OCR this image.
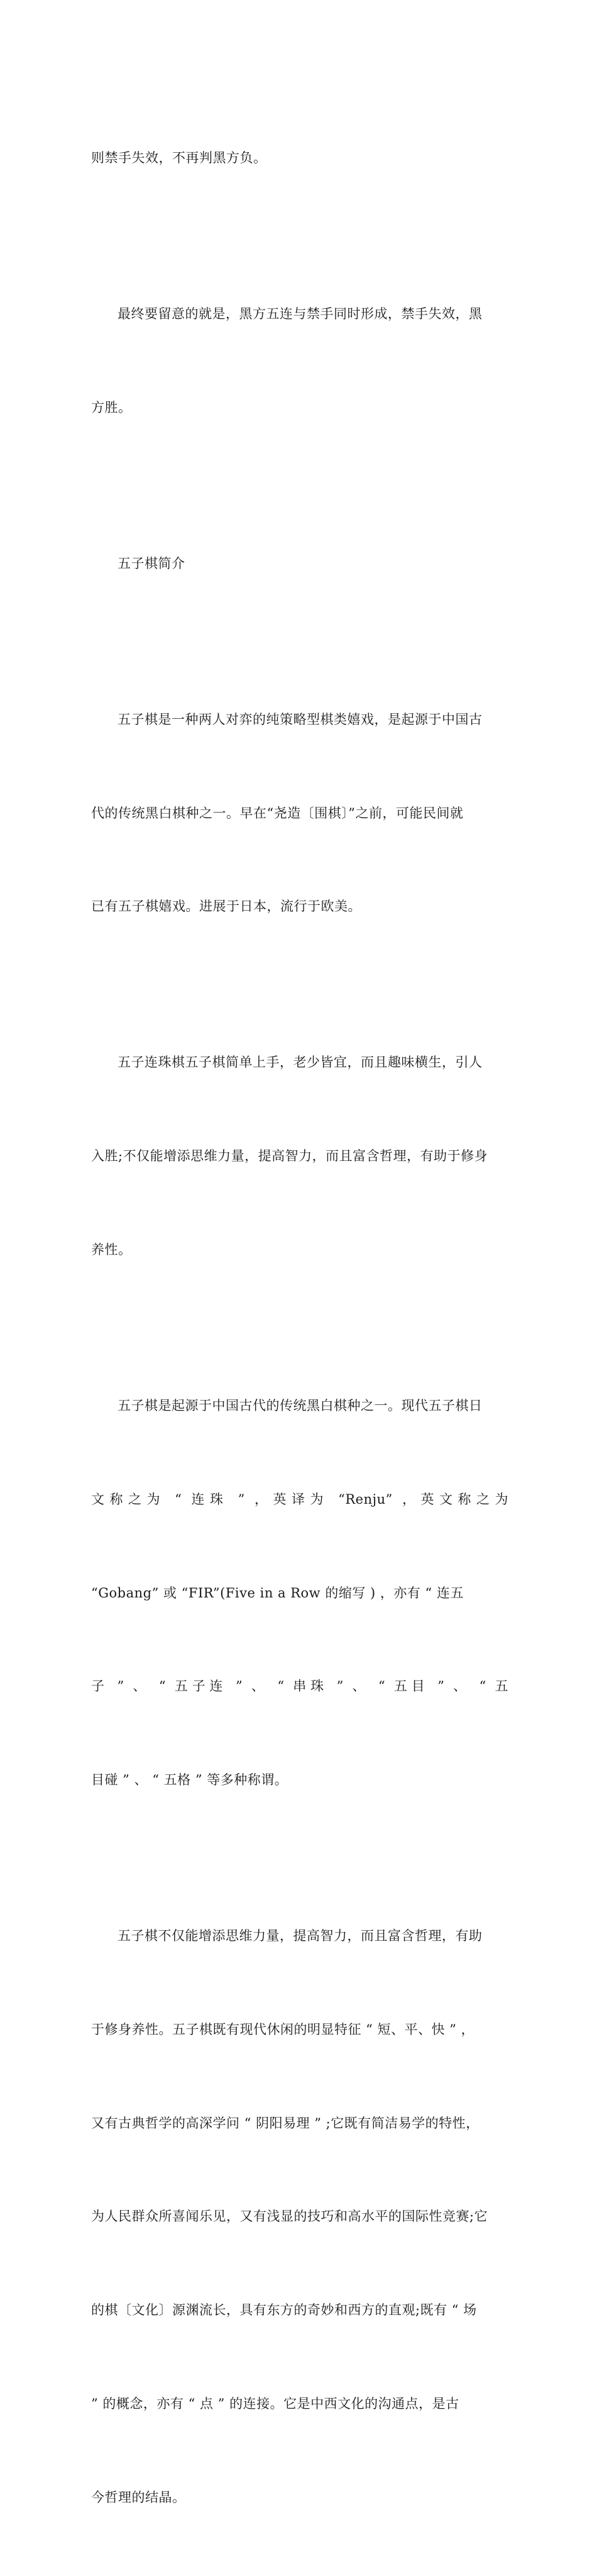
则禁手失效，不再判黑方负。

最终要留意的就是，黑方五连与禁手同时形成，禁手失效，黑

方胜。

五子棋简介

五子棋是一种两人对弈的纯策略型棋类嬉戏，是起源于中国古

代的传统黑白棋种之一。早在“尧造〔围棋〕”之前，可能民间就

已有五子棋嬉戏。进展于日本，流行于欧美。

五子连珠棋五子棋简单上手，老少皆宜，而且趣味横生，引人

入胜;不仅能增添思维力量，提高智力，而且富含哲理，有助于修身

养性。

五子棋是起源于中国古代的传统黑白棋种之一。现代五子棋日

文称之为 “ 连珠 ” ，英译为 “Renju” ，英文称之为

“Gobang” 或 “FIR”(Five in a Row 的缩写 ) ，亦有 “ 连五

子 ” 、 “ 五子连 ” 、 “ 串珠 ” 、 “ 五目 ” 、 “ 五

目碰 ” 、 “ 五格 ” 等多种称谓。

五子棋不仅能增添思维力量，提高智力，而且富含哲理，有助

于修身养性。五子棋既有现代休闲的明显特征 “ 短、平、快 ” ，

又有古典哲学的高深学问 “ 阴阳易理 ” ;它既有简洁易学的特性，

为人民群众所喜闻乐见，又有浅显的技巧和高水平的国际性竞赛;它

的棋〔文化〕源渊流长，具有东方的奇妙和西方的直观;既有 “ 场

” 的概念，亦有 “ 点 ” 的连接。它是中西文化的沟通点，是古

今哲理的结晶。
